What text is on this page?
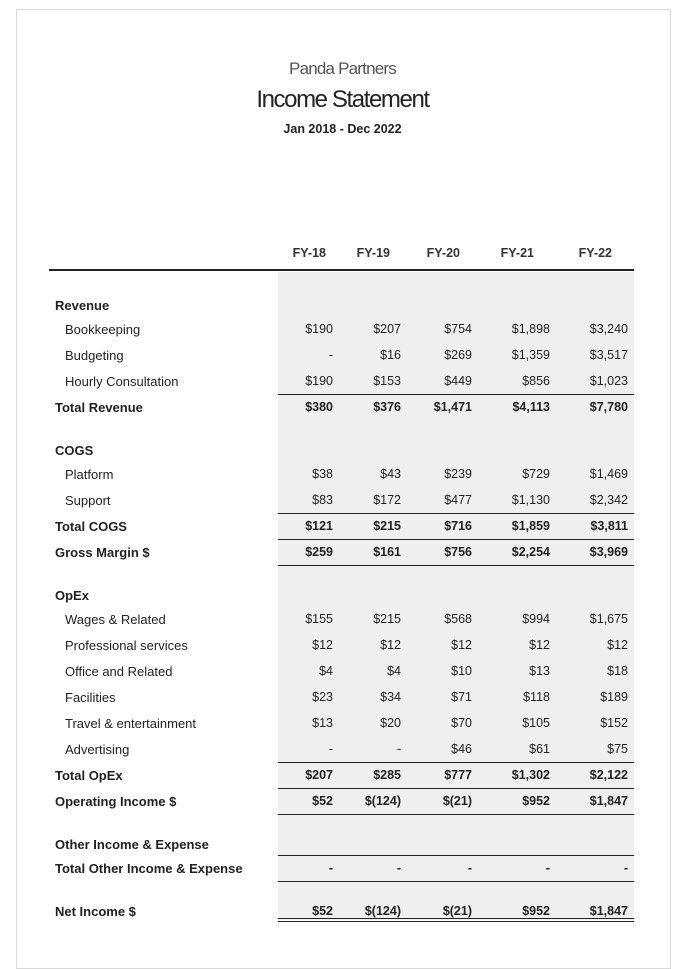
Panda Partners
Income Statement
Jan 2018 - Dec 2022
FY-18	FY-19	FY-20	FY-21	FY-22
Revenue
Bookkeeping	$190	$207	$754	$1,898	$3,240
Budgeting	-	$16	$269	$1,359	$3,517
Hourly Consultation	$190	$153	$449	$856	$1,023
Total Revenue	$380	$376	$1,471	$4,113	$7,780
COGS
Platform	$38	$43	$239	$729	$1,469
Support	$83	$172	$477	$1,130	$2,342
Total COGS	$121	$215	$716	$1,859	$3,811
Gross Margin $	$259	$161	$756	$2,254	$3,969
OpEx
Wages & Related	$155	$215	$568	$994	$1,675
Professional services	$12	$12	$12	$12	$12
Office and Related	$4	$4	$10	$13	$18
Facilities	$23	$34	$71	$118	$189
Travel & entertainment	$13	$20	$70	$105	$152
Advertising	-	-	$46	$61	$75
Total OpEx	$207	$285	$777	$1,302	$2,122
Operating Income $	$52	$(124)	$(21)	$952	$1,847
Other Income & Expense
Total Other Income & Expense	-	-	-	-	-
Net Income $	$52	$(124)	$(21)	$952	$1,847
